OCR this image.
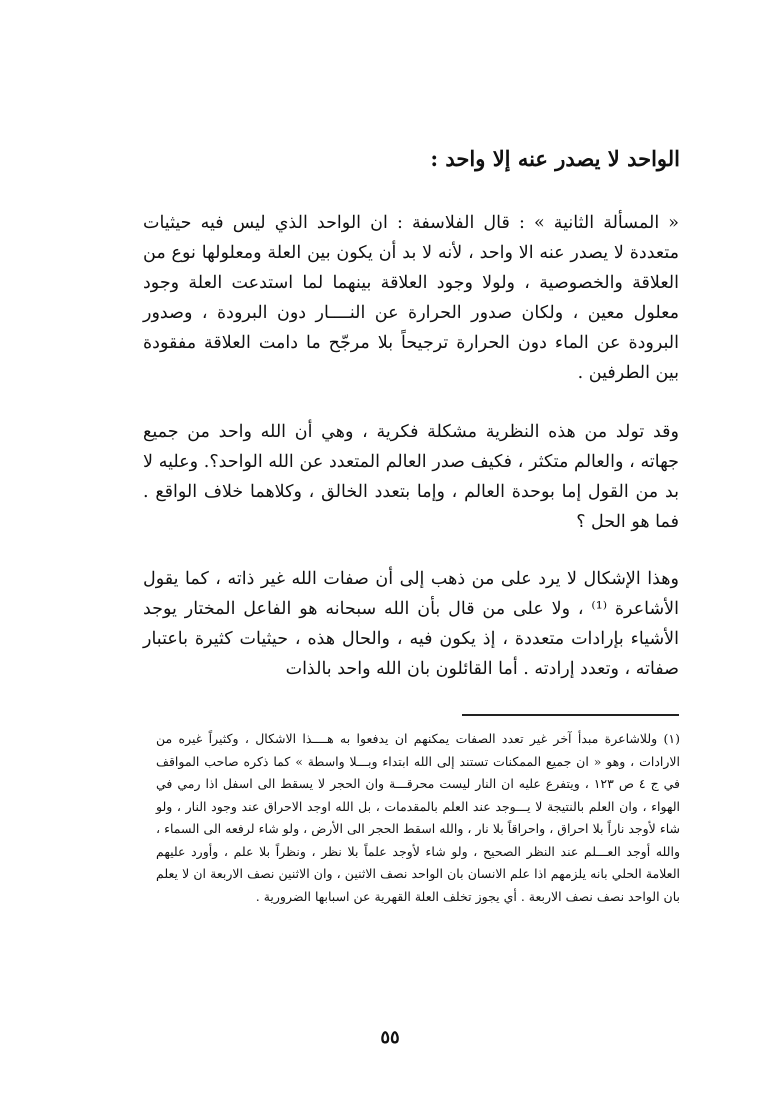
الواحد لا يصدر عنه إلا واحد :

« المسألة الثانية » : قال الفلاسفة : ان الواحد الذي ليس فيه حيثيات متعددة لا يصدر عنه الا واحد ، لأنه لا بد أن يكون بين العلة ومعلولها نوع من العلاقة والخصوصية ، ولولا وجود العلاقة بينهما لما استدعت العلة وجود معلول معين ، ولكان صدور الحرارة عن النــــار دون البرودة ، وصدور البرودة عن الماء دون الحرارة ترجيحاً بلا مرجّح ما دامت العلاقة مفقودة بين الطرفين .

وقد تولد من هذه النظرية مشكلة فكرية ، وهي أن الله واحد من جميع جهاته ، والعالم متكثر ، فكيف صدر العالم المتعدد عن الله الواحد؟. وعليه لا بد من القول إما بوحدة العالم ، وإما بتعدد الخالق ، وكلاهما خلاف الواقع . فما هو الحل ؟

وهذا الإشكال لا يرد على من ذهب إلى أن صفات الله غير ذاته ، كما يقول الأشاعرة ⁽¹⁾ ، ولا على من قال بأن الله سبحانه هو الفاعل المختار يوجد الأشياء بإرادات متعددة ، إذ يكون فيه ، والحال هذه ، حيثيات كثيرة باعتبار صفاته ، وتعدد إرادته . أما القائلون بان الله واحد بالذات

(١) وللاشاعرة مبدأ آخر غير تعدد الصفات يمكنهم ان يدفعوا به هــــذا الاشكال ، وكثيراً غيره من الارادات ، وهو « ان جميع الممكنات تستند إلى الله ابتداء وبـــلا واسطة » كما ذكره صاحب المواقف في ج ٤ ص ١٢٣ ، ويتفرع عليه ان النار ليست محرقـــة وان الحجر لا يسقط الى اسفل اذا رمي في الهواء ، وان العلم بالنتيجة لا يـــوجد عند العلم بالمقدمات ، بل الله اوجد الاحراق عند وجود النار ، ولو شاء لأوجد ناراً بلا احراق ، واحراقاً بلا نار ، والله اسقط الحجر الى الأرض ، ولو شاء لرفعه الى السماء ، والله أوجد العـــلم عند النظر الصحيح ، ولو شاء لأوجد علماً بلا نظر ، ونظراً بلا علم ، وأورد عليهم العلامة الحلي بانه يلزمهم اذا علم الانسان بان الواحد نصف الاثنين ، وان الاثنين نصف الاربعة ان لا يعلم بان الواحد نصف نصف الاربعة . أي يجوز تخلف العلة القهرية عن اسبابها الضرورية .

٥٥
